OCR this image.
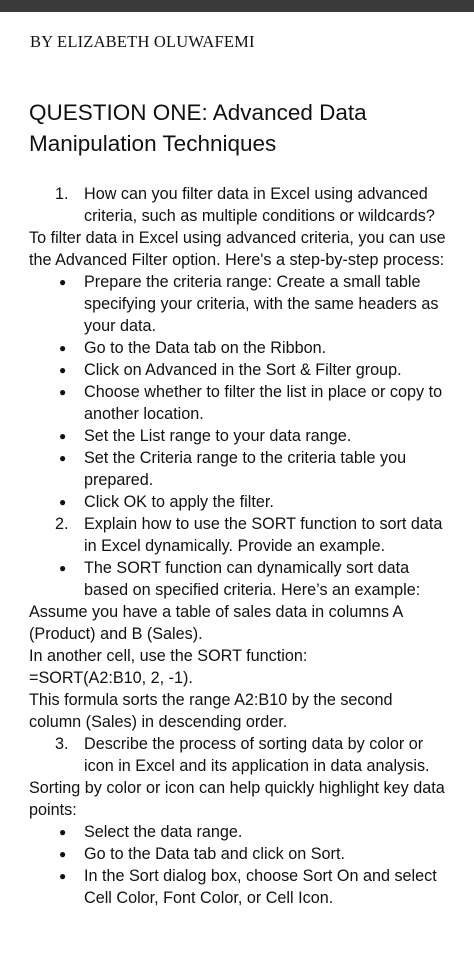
BY ELIZABETH OLUWAFEMI
QUESTION ONE: Advanced Data Manipulation Techniques
1. How can you filter data in Excel using advanced criteria, such as multiple conditions or wildcards?
To filter data in Excel using advanced criteria, you can use the Advanced Filter option. Here's a step-by-step process:
●
Prepare the criteria range: Create a small table specifying your criteria, with the same headers as your data.
●
Go to the Data tab on the Ribbon.
●
Click on Advanced in the Sort & Filter group.
●
Choose whether to filter the list in place or copy to another location.
●
Set the List range to your data range.
●
Set the Criteria range to the criteria table you prepared.
●
Click OK to apply the filter.
2. Explain how to use the SORT function to sort data in Excel dynamically. Provide an example.
●
The SORT function can dynamically sort data based on specified criteria. Here’s an example:
Assume you have a table of sales data in columns A (Product) and B (Sales).
In another cell, use the SORT function:
=SORT(A2:B10, 2, -1).
This formula sorts the range A2:B10 by the second column (Sales) in descending order.
3. Describe the process of sorting data by color or icon in Excel and its application in data analysis.
Sorting by color or icon can help quickly highlight key data points:
●
Select the data range.
●
Go to the Data tab and click on Sort.
●
In the Sort dialog box, choose Sort On and select Cell Color, Font Color, or Cell Icon.
